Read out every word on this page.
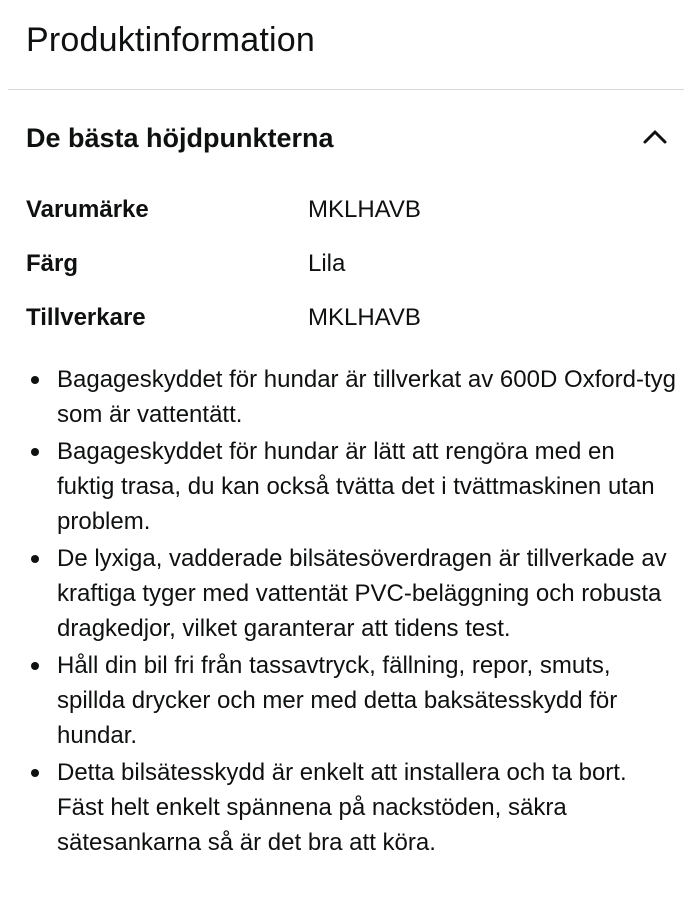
Produktinformation
De bästa höjdpunkterna
Varumärke	MKLHAVB
Färg	Lila
Tillverkare	MKLHAVB
Bagageskyddet för hundar är tillverkat av 600D Oxford-tyg som är vattentätt.
Bagageskyddet för hundar är lätt att rengöra med en fuktig trasa, du kan också tvätta det i tvättmaskinen utan problem.
De lyxiga, vadderade bilsätesöverdragen är tillverkade av kraftiga tyger med vattentät PVC-beläggning och robusta dragkedjor, vilket garanterar att tidens test.
Håll din bil fri från tassavtryck, fällning, repor, smuts, spillda drycker och mer med detta baksätesskydd för hundar.
Detta bilsätesskydd är enkelt att installera och ta bort. Fäst helt enkelt spännena på nackstöden, säkra sätesankarna så är det bra att köra.
